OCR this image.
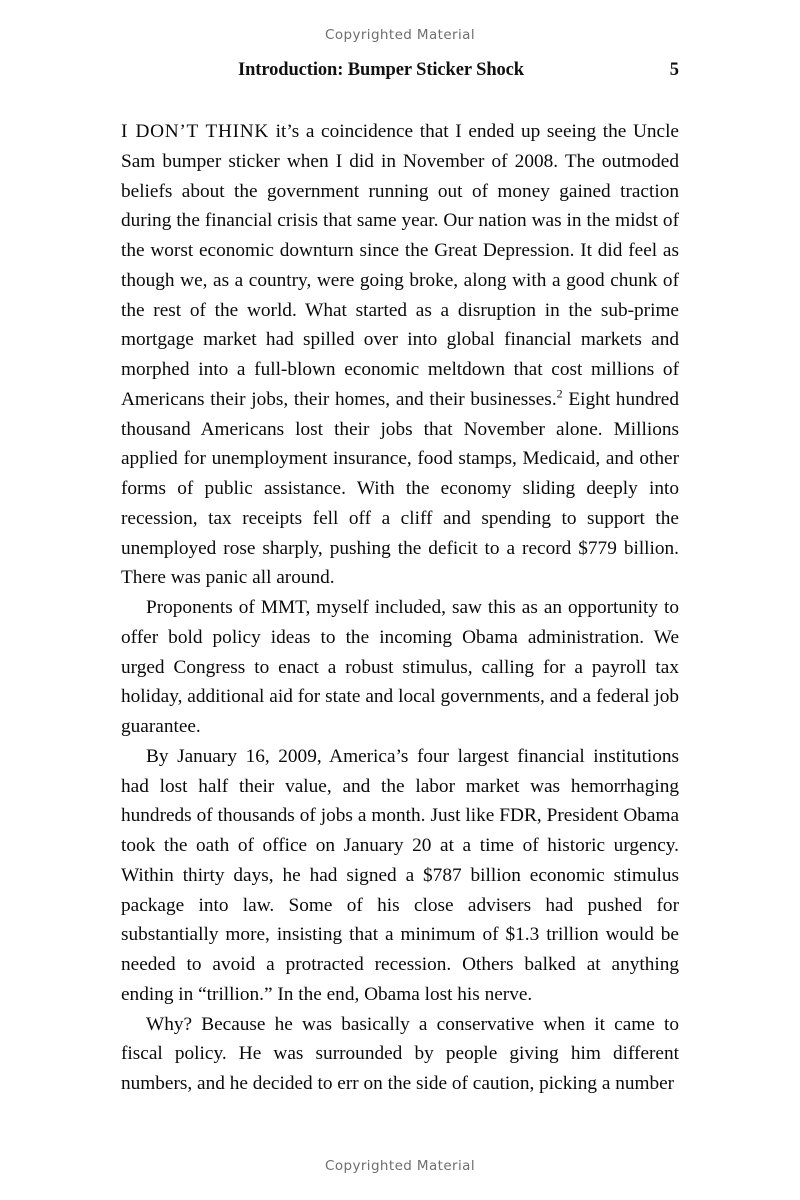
Copyrighted Material
Introduction: Bumper Sticker Shock	5

I DON’T THINK it’s a coincidence that I ended up seeing the Uncle Sam bumper sticker when I did in November of 2008. The outmoded beliefs about the government running out of money gained traction during the financial crisis that same year. Our nation was in the midst of the worst economic downturn since the Great Depression. It did feel as though we, as a country, were going broke, along with a good chunk of the rest of the world. What started as a disruption in the sub-prime mortgage market had spilled over into global financial markets and morphed into a full-blown economic meltdown that cost millions of Americans their jobs, their homes, and their businesses.$^2$ Eight hundred thousand Americans lost their jobs that November alone. Millions applied for unemployment insurance, food stamps, Medicaid, and other forms of public assistance. With the economy sliding deeply into recession, tax receipts fell off a cliff and spending to support the unemployed rose sharply, pushing the deficit to a record $779 billion. There was panic all around.

Proponents of MMT, myself included, saw this as an opportunity to offer bold policy ideas to the incoming Obama administration. We urged Congress to enact a robust stimulus, calling for a payroll tax holiday, additional aid for state and local governments, and a federal job guarantee.

By January 16, 2009, America’s four largest financial institutions had lost half their value, and the labor market was hemorrhaging hundreds of thousands of jobs a month. Just like FDR, President Obama took the oath of office on January 20 at a time of historic urgency. Within thirty days, he had signed a $787 billion economic stimulus package into law. Some of his close advisers had pushed for substantially more, insisting that a minimum of $1.3 trillion would be needed to avoid a protracted recession. Others balked at anything ending in “trillion.” In the end, Obama lost his nerve.

Why? Because he was basically a conservative when it came to fiscal policy. He was surrounded by people giving him different numbers, and he decided to err on the side of caution, picking a number

Copyrighted Material
